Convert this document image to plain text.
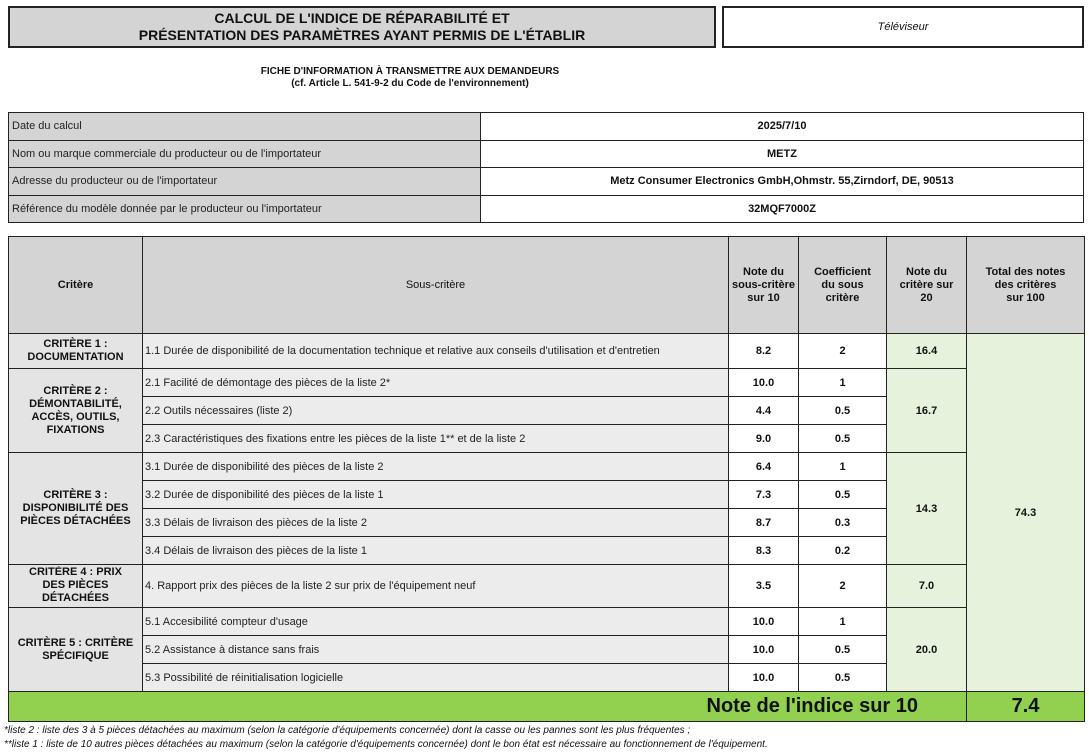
CALCUL DE L'INDICE DE RÉPARABILITÉ ET
PRÉSENTATION DES PARAMÈTRES AYANT PERMIS DE L'ÉTABLIR	Téléviseur
FICHE D'INFORMATION À TRANSMETTRE AUX DEMANDEURS
(cf. Article L. 541-9-2 du Code de l'environnement)
Date du calcul	2025/7/10
Nom ou marque commerciale du producteur ou de l'importateur	METZ
Adresse du producteur ou de l'importateur	Metz Consumer Electronics GmbH,Ohmstr. 55,Zirndorf, DE, 90513
Référence du modèle donnée par le producteur ou l'importateur	32MQF7000Z
Critère	Sous-critère	Note du
sous-critère
sur 10	Coefficient
du sous
critère	Note du
critère sur
20	Total des notes
des critères
sur 100
CRITÈRE 1 :
DOCUMENTATION	1.1 Durée de disponibilité de la documentation technique et relative aux conseils d'utilisation et d'entretien	8.2	2	16.4	74.3
CRITÈRE 2 :
DÉMONTABILITÉ,
ACCÈS, OUTILS,
FIXATIONS	2.1 Facilité de démontage des pièces de la liste 2*	10.0	1	16.7	
	2.2 Outils nécessaires (liste 2)	4.4	0.5		
	2.3 Caractéristiques des fixations entre les pièces de la liste 1** et de la liste 2	9.0	0.5		
CRITÈRE 3 :
DISPONIBILITÉ DES
PIÈCES DÉTACHÉES	3.1 Durée de disponibilité des pièces de la liste 2	6.4	1	14.3	
	3.2 Durée de disponibilité des pièces de la liste 1	7.3	0.5		
	3.3 Délais de livraison des pièces de la liste 2	8.7	0.3		
	3.4 Délais de livraison des pièces de la liste 1	8.3	0.2		

CRITÈRE 4 : PRIX
DES PIÈCES
DÉTACHÉES	4. Rapport prix des pièces de la liste 2 sur prix de l'équipement neuf	3.5	2	7.0	
CRITÈRE 5 : CRITÈRE
SPÉCIFIQUE	5.1 Accesibilité compteur d'usage	10.0	1	20.0	
	5.2 Assistance à distance sans frais	10.0	0.5		
	5.3 Possibilité de réinitialisation logicielle	10.0	0.5		
Note de l'indice sur 10					7.4
*liste 2 : liste des 3 à 5 pièces détachées au maximum (selon la catégorie d'équipements concernée) dont la casse ou les pannes sont les plus fréquentes ;
**liste 1 : liste de 10 autres pièces détachées au maximum (selon la catégorie d'équipements concernée) dont le bon état est nécessaire au fonctionnement de l'équipement.
